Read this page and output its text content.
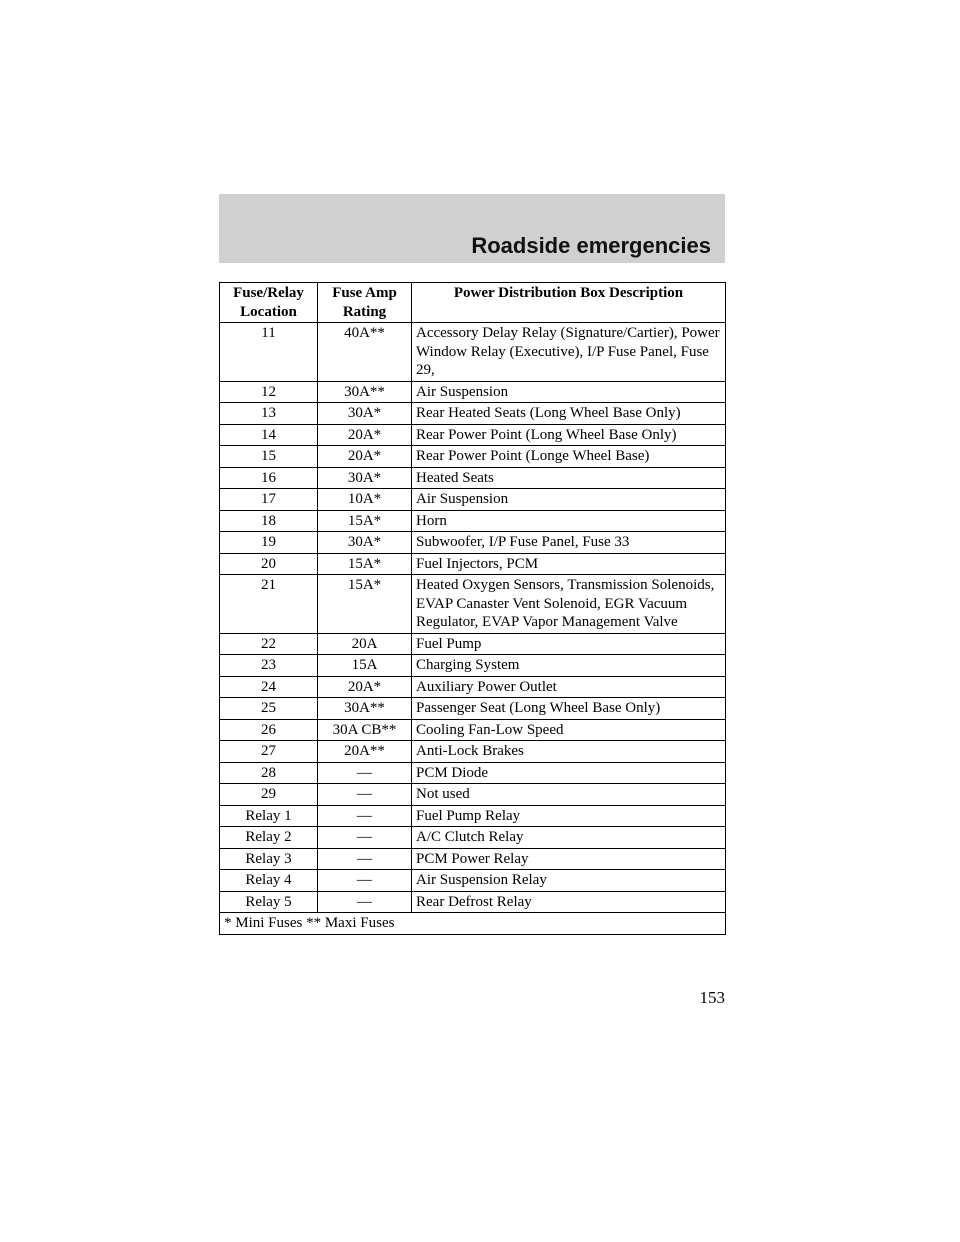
Roadside emergencies
Fuse/Relay Location	Fuse Amp Rating	Power Distribution Box Description
11	40A**	Accessory Delay Relay (Signature/Cartier), Power Window Relay (Executive), I/P Fuse Panel, Fuse 29,
12	30A**	Air Suspension
13	30A*	Rear Heated Seats (Long Wheel Base Only)
14	20A*	Rear Power Point (Long Wheel Base Only)
15	20A*	Rear Power Point (Longe Wheel Base)
16	30A*	Heated Seats
17	10A*	Air Suspension
18	15A*	Horn
19	30A*	Subwoofer, I/P Fuse Panel, Fuse 33
20	15A*	Fuel Injectors, PCM
21	15A*	Heated Oxygen Sensors, Transmission Solenoids, EVAP Canaster Vent Solenoid, EGR Vacuum Regulator, EVAP Vapor Management Valve
22	20A	Fuel Pump
23	15A	Charging System
24	20A*	Auxiliary Power Outlet
25	30A**	Passenger Seat (Long Wheel Base Only)
26	30A CB**	Cooling Fan-Low Speed
27	20A**	Anti-Lock Brakes
28	—	PCM Diode
29	—	Not used
Relay 1	—	Fuel Pump Relay
Relay 2	—	A/C Clutch Relay
Relay 3	—	PCM Power Relay
Relay 4	—	Air Suspension Relay
Relay 5	—	Rear Defrost Relay
* Mini Fuses ** Maxi Fuses		
153
